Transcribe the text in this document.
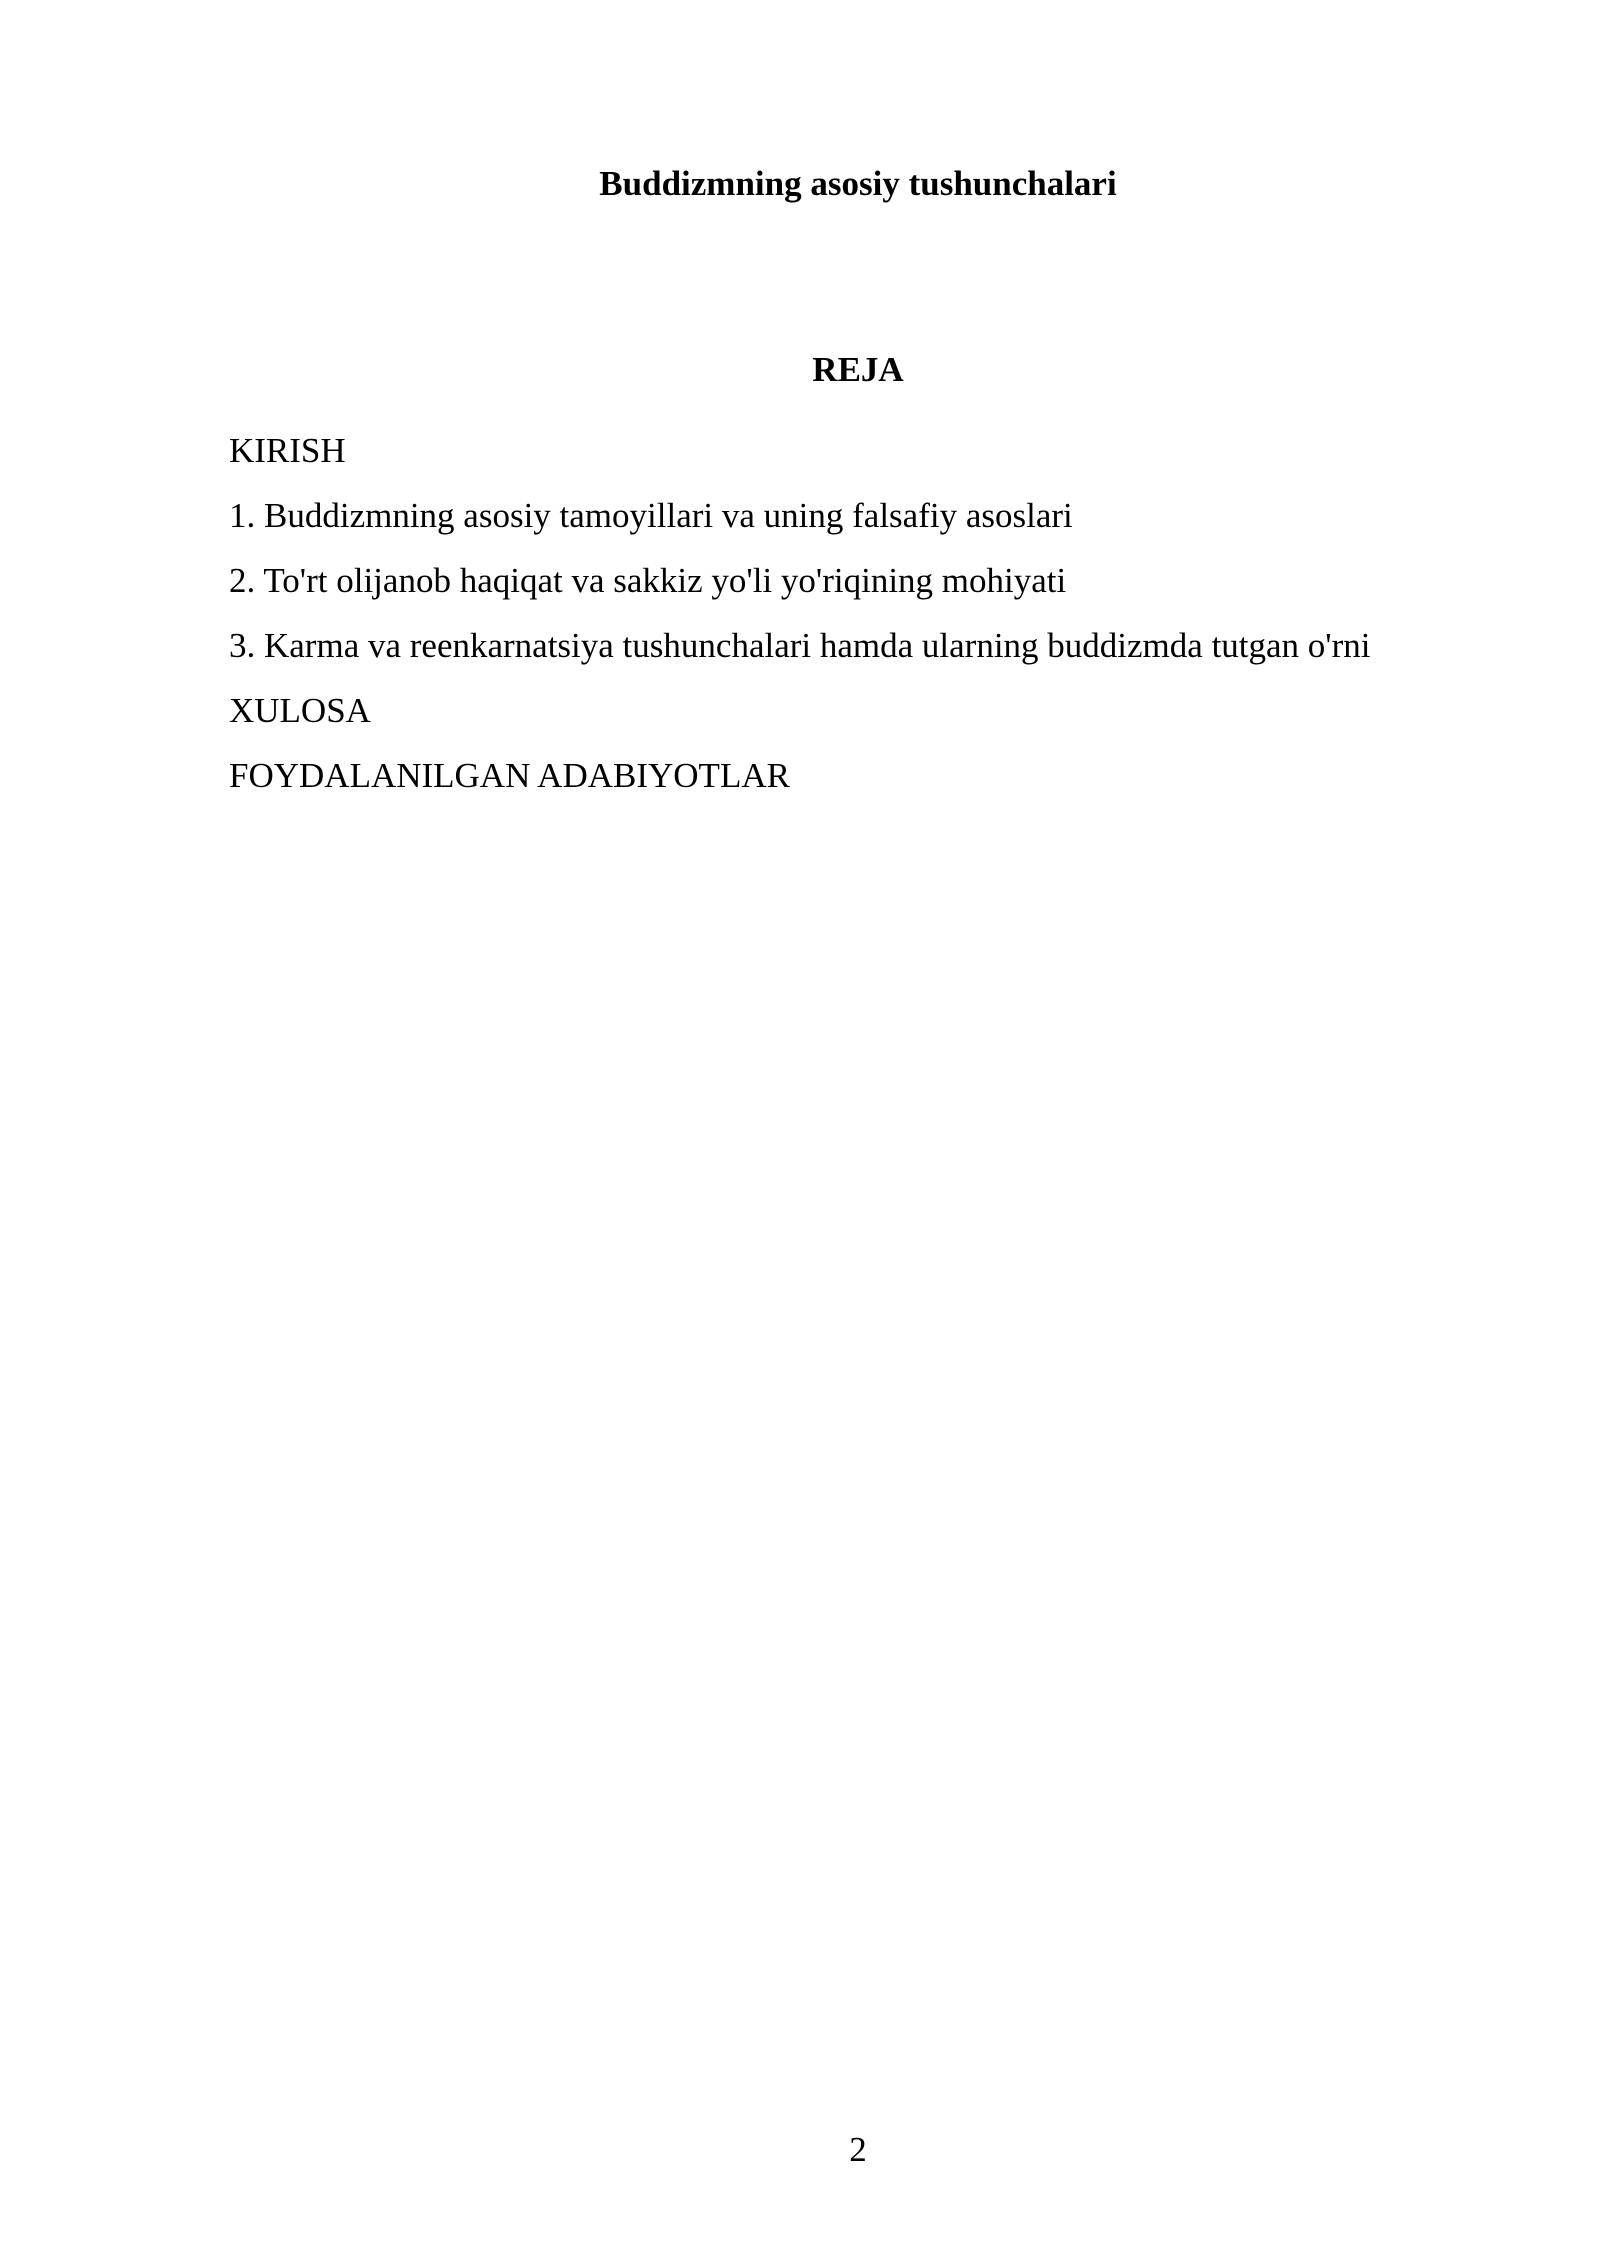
Buddizmning asosiy tushunchalari
REJA
KIRISH
1. Buddizmning asosiy tamoyillari va uning falsafiy asoslari
2. To'rt olijanob haqiqat va sakkiz yo'li yo'riqining mohiyati
3. Karma va reenkarnatsiya tushunchalari hamda ularning buddizmda tutgan o'rni
XULOSA
FOYDALANILGAN ADABIYOTLAR
2
